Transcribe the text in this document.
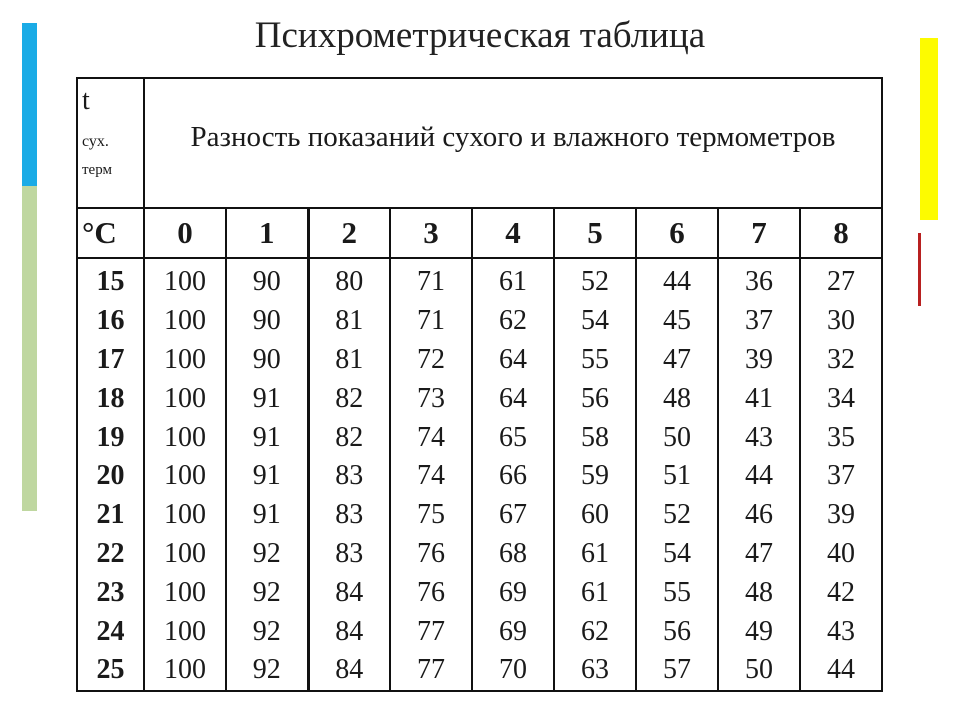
Психрометрическая таблица
t
сух.
терм	Разность показаний сухого и влажного термометров								
°C	0	1	2	3	4	5	6	7	8
15	100	90	80	71	61	52	44	36	27
16	100	90	81	71	62	54	45	37	30
17	100	90	81	72	64	55	47	39	32
18	100	91	82	73	64	56	48	41	34
19	100	91	82	74	65	58	50	43	35
20	100	91	83	74	66	59	51	44	37
21	100	91	83	75	67	60	52	46	39
22	100	92	83	76	68	61	54	47	40
23	100	92	84	76	69	61	55	48	42
24	100	92	84	77	69	62	56	49	43
25	100	92	84	77	70	63	57	50	44
